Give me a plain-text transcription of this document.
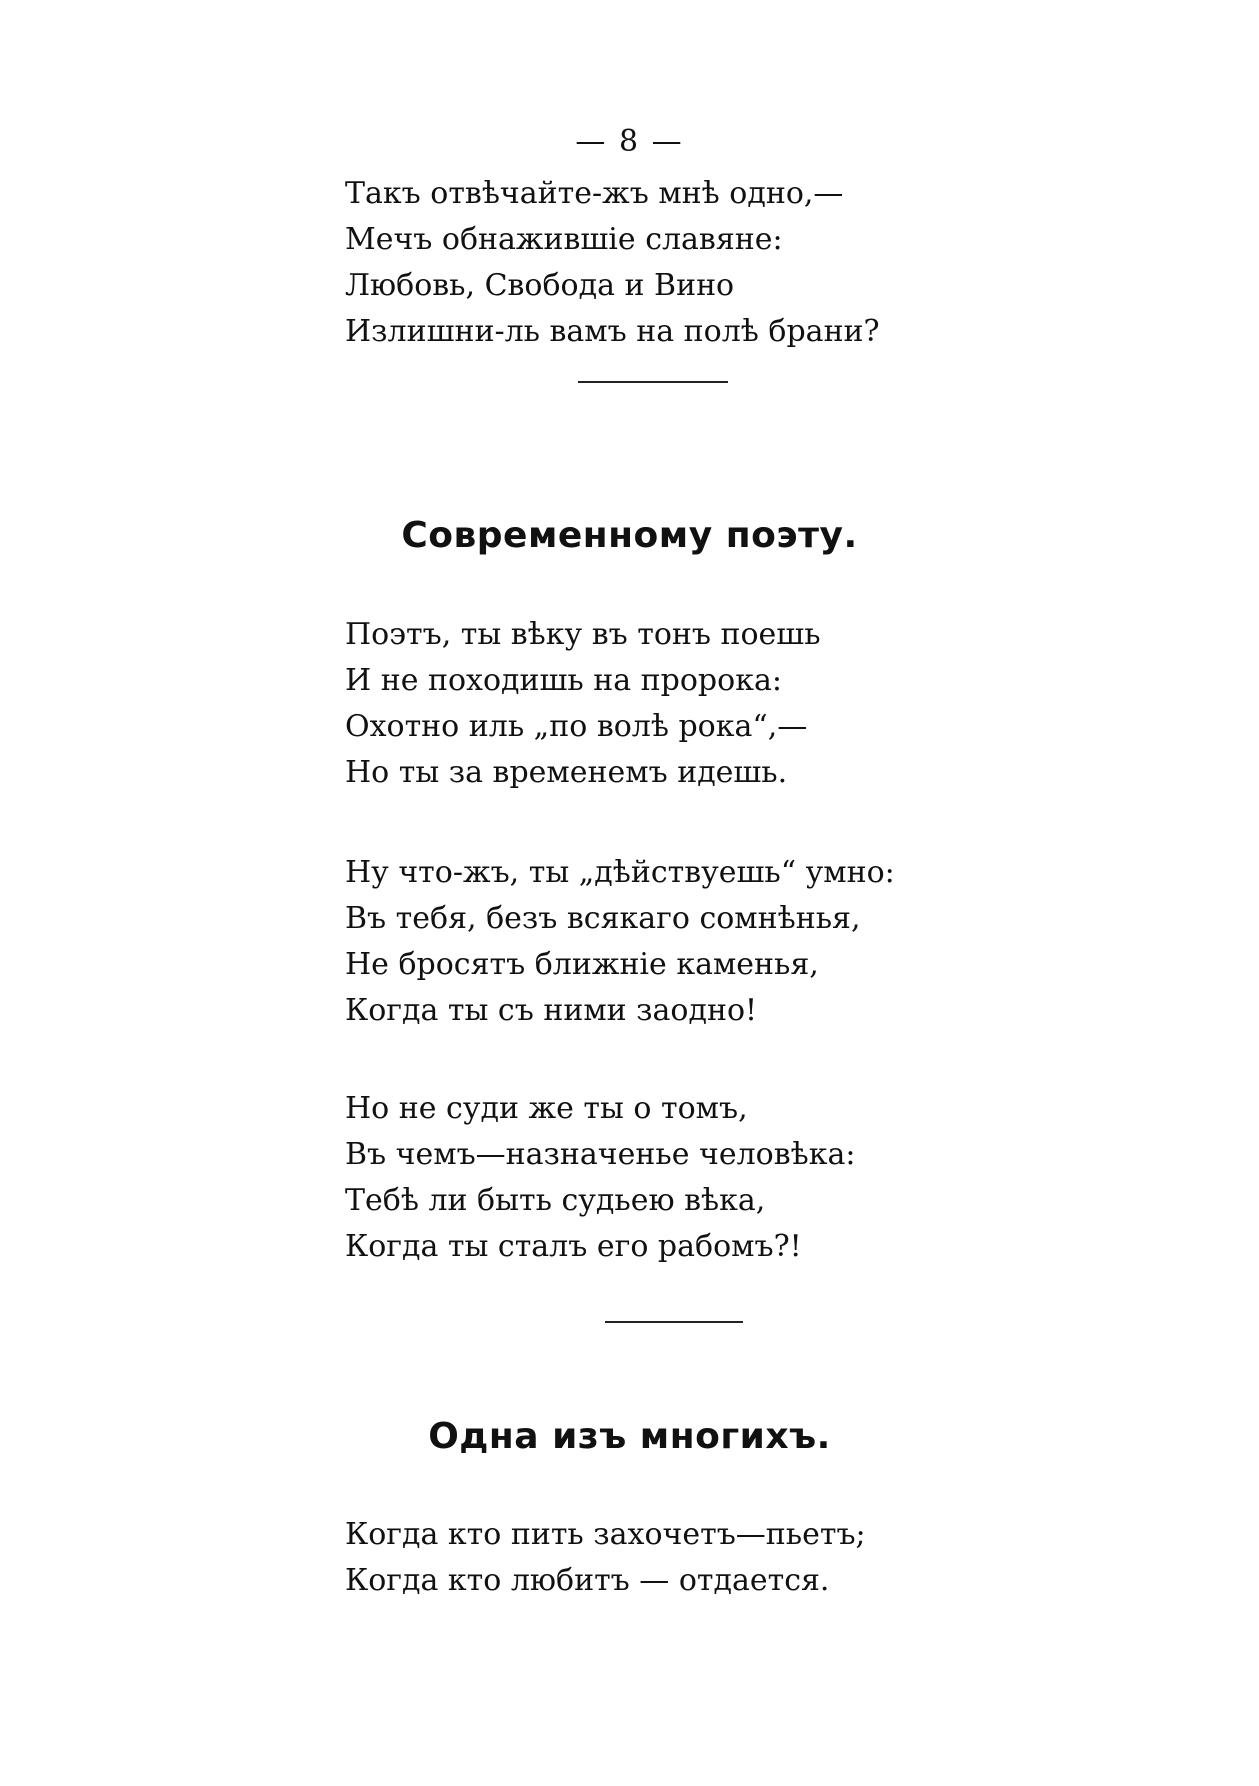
— 8 —
Такъ отвѣчайте-жъ мнѣ одно,—
Мечъ обнажившіе славяне:
Любовь, Свобода и Вино
Излишни-ль вамъ на полѣ брани?
Современному поэту.
Поэтъ, ты вѣку въ тонъ поешь
И не походишь на пророка:
Охотно иль „по волѣ рока“,—
Но ты за временемъ идешь.
Ну что-жъ, ты „дѣйствуешь“ умно:
Въ тебя, безъ всякаго сомнѣнья,
Не бросятъ ближніе каменья,
Когда ты съ ними заодно!
Но не суди же ты о томъ,
Въ чемъ—назначенье человѣка:
Тебѣ ли быть судьею вѣка,
Когда ты сталъ его рабомъ?!
Одна изъ многихъ.
Когда кто пить захочетъ—пьетъ;
Когда кто любитъ — отдается.
